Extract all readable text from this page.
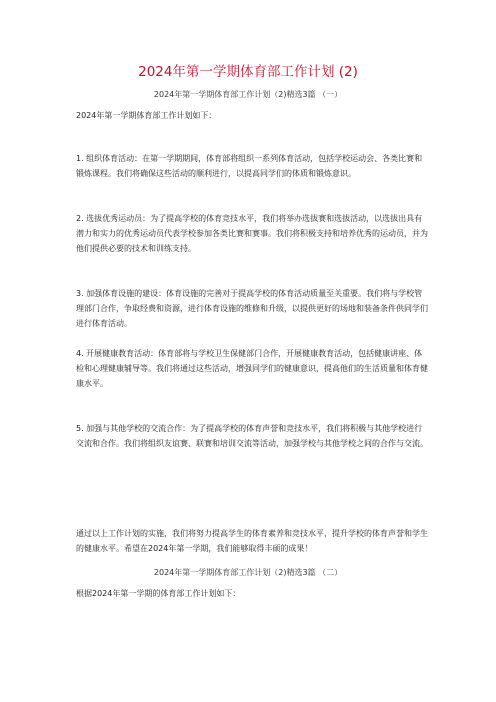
2024年第一学期体育部工作计划 (2)
2024年第一学期体育部工作计划（2)精选3篇 （一）
2024年第一学期体育部工作计划如下：
1. 组织体育活动：在第一学期期间，体育部将组织一系列体育活动，包括学校运动会、各类比赛和锻炼课程。我们将确保这些活动的顺利进行，以提高同学们的体质和锻炼意识。
2. 选拔优秀运动员：为了提高学校的体育竞技水平，我们将举办选拔赛和选拔活动，以选拔出具有潜力和实力的优秀运动员代表学校参加各类比赛和赛事。我们将积极支持和培养优秀的运动员，并为他们提供必要的技术和训练支持。
3. 加强体育设施的建设：体育设施的完善对于提高学校的体育活动质量至关重要。我们将与学校管理部门合作，争取经费和资源，进行体育设施的维修和升级，以提供更好的场地和装备条件供同学们进行体育活动。
4. 开展健康教育活动：体育部将与学校卫生保健部门合作，开展健康教育活动，包括健康讲座、体检和心理健康辅导等。我们将通过这些活动，增强同学们的健康意识，提高他们的生活质量和体育健康水平。
5. 加强与其他学校的交流合作：为了提高学校的体育声誉和竞技水平，我们将积极与其他学校进行交流和合作。我们将组织友谊赛、联赛和培训交流等活动，加强学校与其他学校之间的合作与交流。
通过以上工作计划的实施，我们将努力提高学生的体育素养和竞技水平，提升学校的体育声誉和学生的健康水平。希望在2024年第一学期，我们能够取得丰硕的成果！
2024年第一学期体育部工作计划（2)精选3篇 （二）
根据2024年第一学期的体育部工作计划如下：
